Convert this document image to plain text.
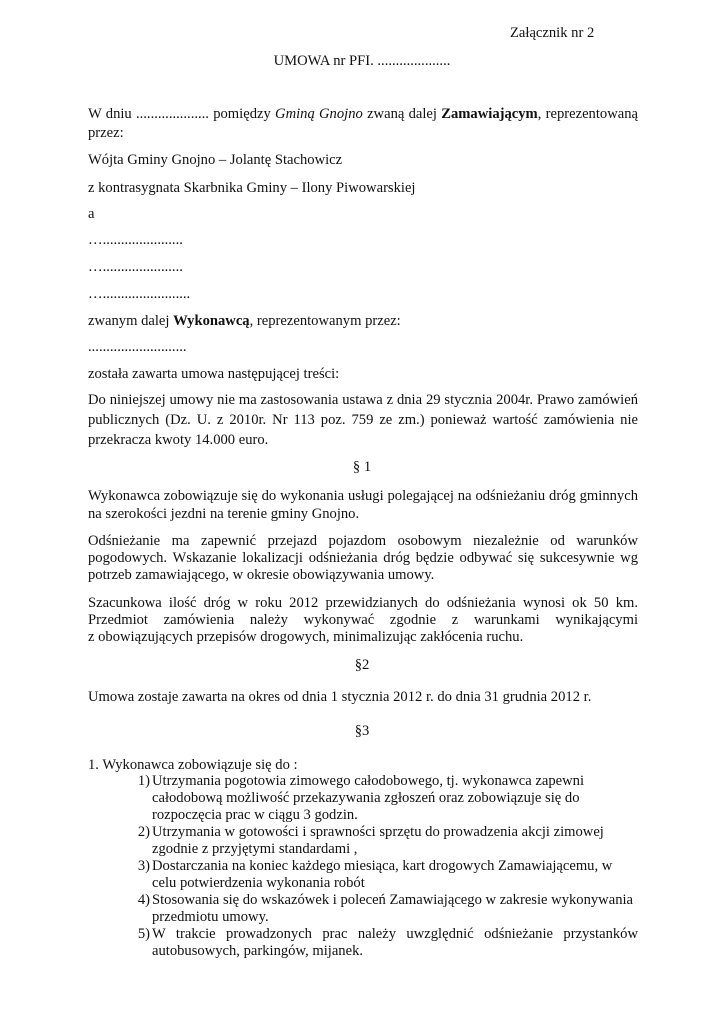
Załącznik nr 2
UMOWA nr PFI. ....................
W dniu .................... pomiędzy Gminą Gnojno zwaną dalej Zamawiającym, reprezentowaną
przez:
Wójta Gminy Gnojno – Jolantę Stachowicz
z kontrasygnata Skarbnika Gminy – Ilony Piwowarskiej
a
…......................
…......................
…........................
zwanym dalej Wykonawcą, reprezentowanym przez:
...........................
została zawarta umowa następującej treści:
Do niniejszej umowy nie ma zastosowania ustawa z dnia 29 stycznia 2004r. Prawo zamówień
publicznych (Dz. U. z 2010r. Nr 113 poz. 759 ze zm.) ponieważ wartość zamówienia nie
przekracza kwoty 14.000 euro.
§ 1
Wykonawca zobowiązuje się do wykonania usługi polegającej na odśnieżaniu dróg gminnych
na szerokości jezdni na terenie gminy Gnojno.
Odśnieżanie ma zapewnić przejazd pojazdom osobowym niezależnie od warunków
pogodowych. Wskazanie lokalizacji odśnieżania dróg będzie odbywać się sukcesywnie wg
potrzeb zamawiającego, w okresie obowiązywania umowy.
Szacunkowa ilość dróg w roku 2012 przewidzianych do odśnieżania wynosi ok 50 km.
Przedmiot zamówienia należy wykonywać zgodnie z warunkami wynikającymi
z obowiązujących przepisów drogowych, minimalizując zakłócenia ruchu.
§2
Umowa zostaje zawarta na okres od dnia 1 stycznia 2012 r. do dnia 31 grudnia 2012 r.
§3
1. Wykonawca zobowiązuje się do :
1) Utrzymania pogotowia zimowego całodobowego, tj. wykonawca zapewni
całodobową możliwość przekazywania zgłoszeń oraz zobowiązuje się do
rozpoczęcia prac w ciągu 3 godzin.
2) Utrzymania w gotowości i sprawności sprzętu do prowadzenia akcji zimowej
zgodnie z przyjętymi standardami ,
3) Dostarczania na koniec każdego miesiąca, kart drogowych Zamawiającemu, w
celu potwierdzenia wykonania robót
4) Stosowania się do wskazówek i poleceń Zamawiającego w zakresie wykonywania
przedmiotu umowy.
5) W trakcie prowadzonych prac należy uwzględnić odśnieżanie przystanków
autobusowych, parkingów, mijanek.
